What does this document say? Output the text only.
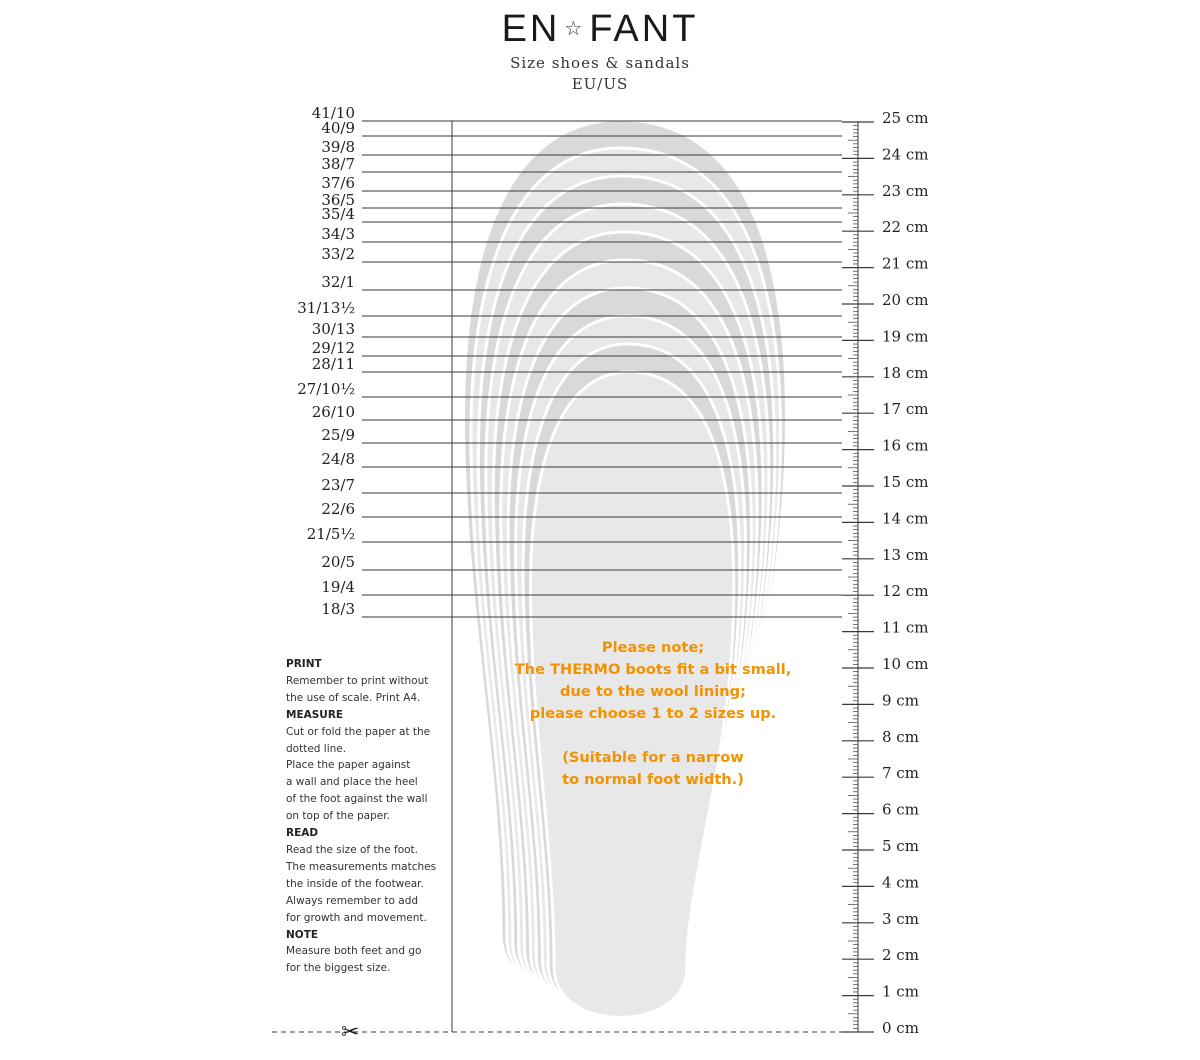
EN ☆ FANT
Size shoes & sandals
EU/US
41/10
40/9
39/8
38/7
37/6
36/5
35/4
34/3
33/2
32/1
31/13½
30/13
29/12
28/11
27/10½
26/10
25/9
24/8
23/7
22/6
21/5½
20/5
19/4
18/3
25 cm
24 cm
23 cm
22 cm
21 cm
20 cm
19 cm
18 cm
17 cm
16 cm
15 cm
14 cm
13 cm
12 cm
11 cm
10 cm
9 cm
8 cm
7 cm
6 cm
5 cm
4 cm
3 cm
2 cm
1 cm
0 cm
PRINT
Remember to print without
the use of scale. Print A4.
MEASURE
Cut or fold the paper at the
dotted line.
Place the paper against
a wall and place the heel
of the foot against the wall
on top of the paper.
READ
Read the size of the foot.
The measurements matches
the inside of the footwear.
Always remember to add
for growth and movement.
NOTE
Measure both feet and go
for the biggest size.

Please note;

The THERMO boots fit a bit small,

due to the wool lining;

please choose 1 to 2 sizes up.

(Suitable for a narrow

to normal foot width.)

✂
